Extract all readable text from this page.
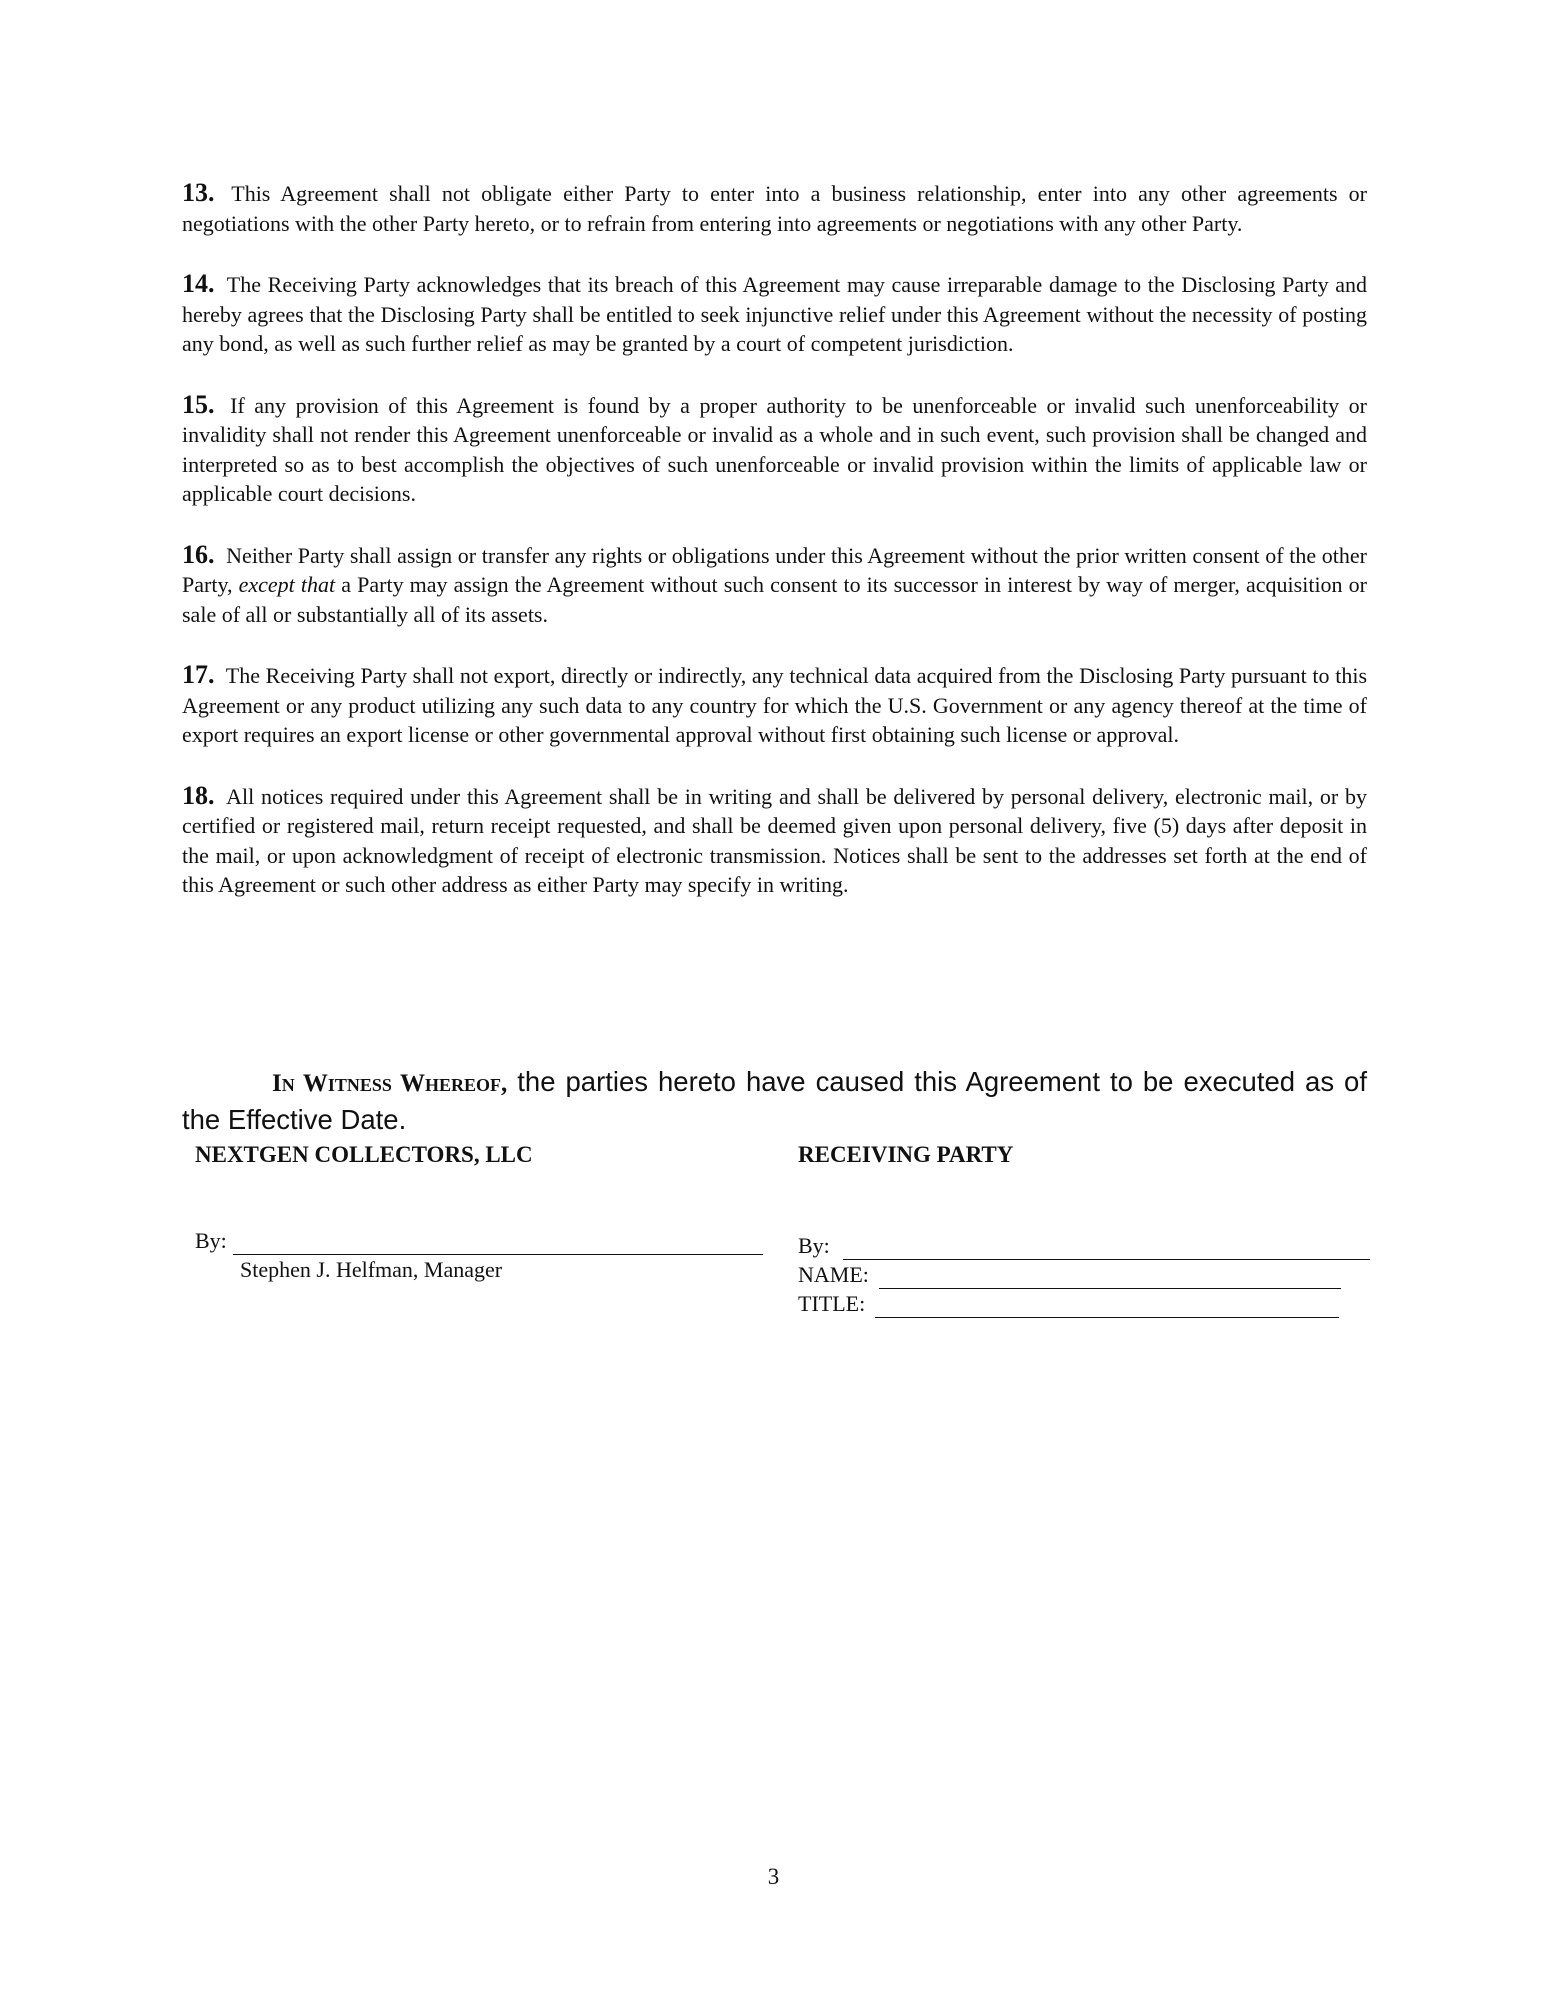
13. This Agreement shall not obligate either Party to enter into a business relationship, enter into any other agreements or negotiations with the other Party hereto, or to refrain from entering into agreements or negotiations with any other Party.

14. The Receiving Party acknowledges that its breach of this Agreement may cause irreparable damage to the Disclosing Party and hereby agrees that the Disclosing Party shall be entitled to seek injunctive relief under this Agreement without the necessity of posting any bond, as well as such further relief as may be granted by a court of competent jurisdiction.

15. If any provision of this Agreement is found by a proper authority to be unenforceable or invalid such unenforceability or invalidity shall not render this Agreement unenforceable or invalid as a whole and in such event, such provision shall be changed and interpreted so as to best accomplish the objectives of such unenforceable or invalid provision within the limits of applicable law or applicable court decisions.

16. Neither Party shall assign or transfer any rights or obligations under this Agreement without the prior written consent of the other Party, except that a Party may assign the Agreement without such consent to its successor in interest by way of merger, acquisition or sale of all or substantially all of its assets.

17. The Receiving Party shall not export, directly or indirectly, any technical data acquired from the Disclosing Party pursuant to this Agreement or any product utilizing any such data to any country for which the U.S. Government or any agency thereof at the time of export requires an export license or other governmental approval without first obtaining such license or approval.

18. All notices required under this Agreement shall be in writing and shall be delivered by personal delivery, electronic mail, or by certified or registered mail, return receipt requested, and shall be deemed given upon personal delivery, five (5) days after deposit in the mail, or upon acknowledgment of receipt of electronic transmission. Notices shall be sent to the addresses set forth at the end of this Agreement or such other address as either Party may specify in writing.

In Witness Whereof, the parties hereto have caused this Agreement to be executed as of the Effective Date.

NEXTGEN COLLECTORS, LLC

By:
Stephen J. Helfman, Manager

RECEIVING PARTY

By:
NAME:
TITLE:
3
